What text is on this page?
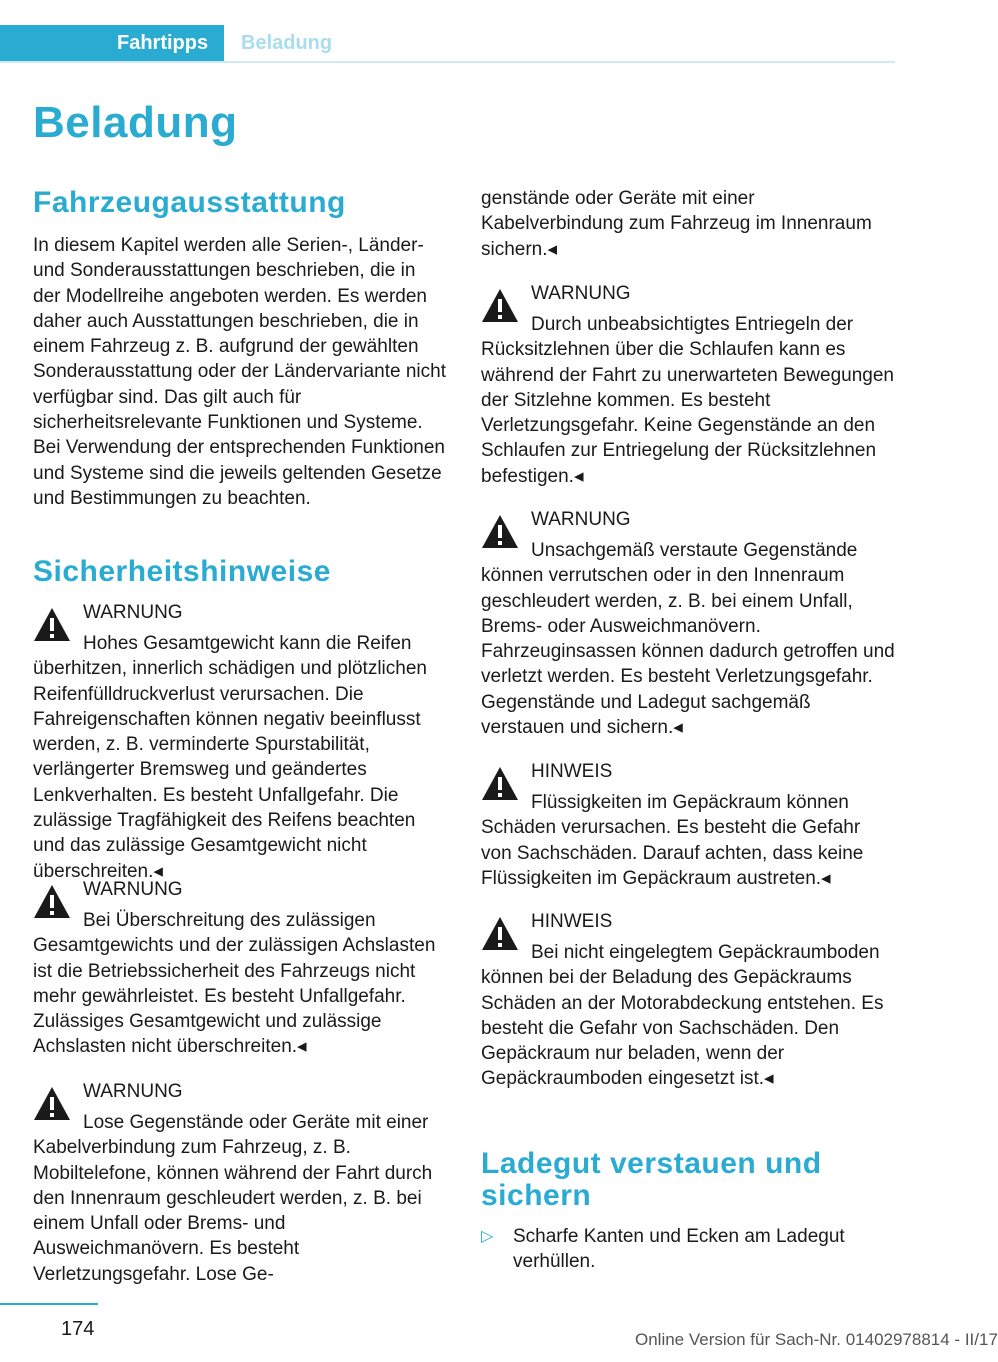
Fahrtipps	Beladung
Beladung
Fahrzeugausstattung

In diesem Kapitel werden alle Serien-, Länder- und Sonderausstattungen beschrieben, die in der Modellreihe angeboten werden. Es werden daher auch Ausstattungen beschrieben, die in einem Fahrzeug z. B. aufgrund der gewählten Sonderausstattung oder der Ländervariante nicht verfügbar sind. Das gilt auch für sicherheitsrelevante Funktionen und Systeme. Bei Verwendung der entsprechenden Funktionen und Systeme sind die jeweils geltenden Gesetze und Bestimmungen zu beachten.

Sicherheitshinweise
WARNUNG

Hohes Gesamtgewicht kann die Reifen überhitzen, innerlich schädigen und plötzlichen Reifenfülldruckverlust verursachen. Die Fahreigenschaften können negativ beeinflusst werden, z. B. verminderte Spurstabilität, verlängerter Bremsweg und geändertes Lenkverhalten. Es besteht Unfallgefahr. Die zulässige Tragfähigkeit des Reifens beachten und das zulässige Gesamtgewicht nicht überschreiten.◂

WARNUNG

Bei Überschreitung des zulässigen Gesamtgewichts und der zulässigen Achslasten ist die Betriebssicherheit des Fahrzeugs nicht mehr gewährleistet. Es besteht Unfallgefahr. Zulässiges Gesamtgewicht und zulässige Achslasten nicht überschreiten.◂

WARNUNG

Lose Gegenstände oder Geräte mit einer Kabelverbindung zum Fahrzeug, z. B. Mobiltelefone, können während der Fahrt durch den Innenraum geschleudert werden, z. B. bei einem Unfall oder Brems- und Ausweichmanövern. Es besteht Verletzungsgefahr. Lose Ge-

genstände oder Geräte mit einer Kabelverbindung zum Fahrzeug im Innenraum sichern.◂

WARNUNG

Durch unbeabsichtigtes Entriegeln der Rücksitzlehnen über die Schlaufen kann es während der Fahrt zu unerwarteten Bewegungen der Sitzlehne kommen. Es besteht Verletzungsgefahr. Keine Gegenstände an den Schlaufen zur Entriegelung der Rücksitzlehnen befestigen.◂

WARNUNG

Unsachgemäß verstaute Gegenstände können verrutschen oder in den Innenraum geschleudert werden, z. B. bei einem Unfall, Brems- oder Ausweichmanövern. Fahrzeuginsassen können dadurch getroffen und verletzt werden. Es besteht Verletzungsgefahr. Gegenstände und Ladegut sachgemäß verstauen und sichern.◂

HINWEIS

Flüssigkeiten im Gepäckraum können Schäden verursachen. Es besteht die Gefahr von Sachschäden. Darauf achten, dass keine Flüssigkeiten im Gepäckraum austreten.◂

HINWEIS

Bei nicht eingelegtem Gepäckraumboden können bei der Beladung des Gepäckraums Schäden an der Motorabdeckung entstehen. Es besteht die Gefahr von Sachschäden. Den Gepäckraum nur beladen, wenn der Gepäckraumboden eingesetzt ist.◂

Ladegut verstauen und sichern
▷ Scharfe Kanten und Ecken am Ladegut verhüllen.
174	Online Version für Sach-Nr. 01402978814 - II/17
